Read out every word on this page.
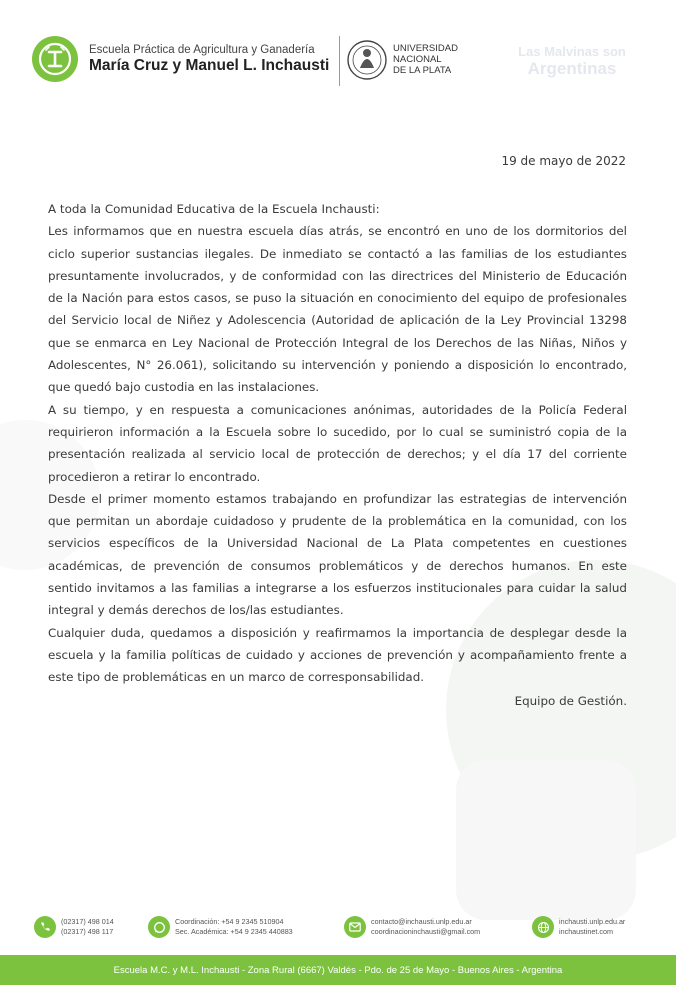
Escuela Práctica de Agricultura y Ganadería
María Cruz y Manuel L. Inchausti
UNIVERSIDAD
NACIONAL
DE LA PLATA
Las Malvinas son
Argentinas
19 de mayo de 2022

A toda la Comunidad Educativa de la Escuela Inchausti:

Les informamos que en nuestra escuela días atrás, se encontró en uno de los dormitorios del ciclo superior sustancias ilegales. De inmediato se contactó a las familias de los estudiantes presuntamente involucrados, y de conformidad con las directrices del Ministerio de Educación de la Nación para estos casos, se puso la situación en conocimiento del equipo de profesionales del Servicio local de Niñez y Adolescencia (Autoridad de aplicación de la Ley Provincial 13298 que se enmarca en Ley Nacional de Protección Integral de los Derechos de las Niñas, Niños y Adolescentes, N° 26.061), solicitando su intervención y poniendo a disposición lo encontrado, que quedó bajo custodia en las instalaciones.

A su tiempo, y en respuesta a comunicaciones anónimas, autoridades de la Policía Federal requirieron información a la Escuela sobre lo sucedido, por lo cual se suministró copia de la presentación realizada al servicio local de protección de derechos; y el día 17 del corriente procedieron a retirar lo encontrado.

Desde el primer momento estamos trabajando en profundizar las estrategias de intervención que permitan un abordaje cuidadoso y prudente de la problemática en la comunidad, con los servicios específicos de la Universidad Nacional de La Plata competentes en cuestiones académicas, de prevención de consumos problemáticos y de derechos humanos. En este sentido invitamos a las familias a integrarse a los esfuerzos institucionales para cuidar la salud integral y demás derechos de los/las estudiantes.

Cualquier duda, quedamos a disposición y reafirmamos la importancia de desplegar desde la escuela y la familia políticas de cuidado y acciones de prevención y acompañamiento frente a este tipo de problemáticas en un marco de corresponsabilidad.

Equipo de Gestión.

(02317) 498 014
(02317) 498 117
Coordinación: +54 9 2345 510904
Sec. Académica: +54 9 2345 440883
contacto@inchausti.unlp.edu.ar
coordinacioninchausti@gmail.com
inchausti.unlp.edu.ar
inchaustinet.com
Escuela M.C. y M.L. Inchausti - Zona Rural (6667) Valdés - Pdo. de 25 de Mayo - Buenos Aires - Argentina
